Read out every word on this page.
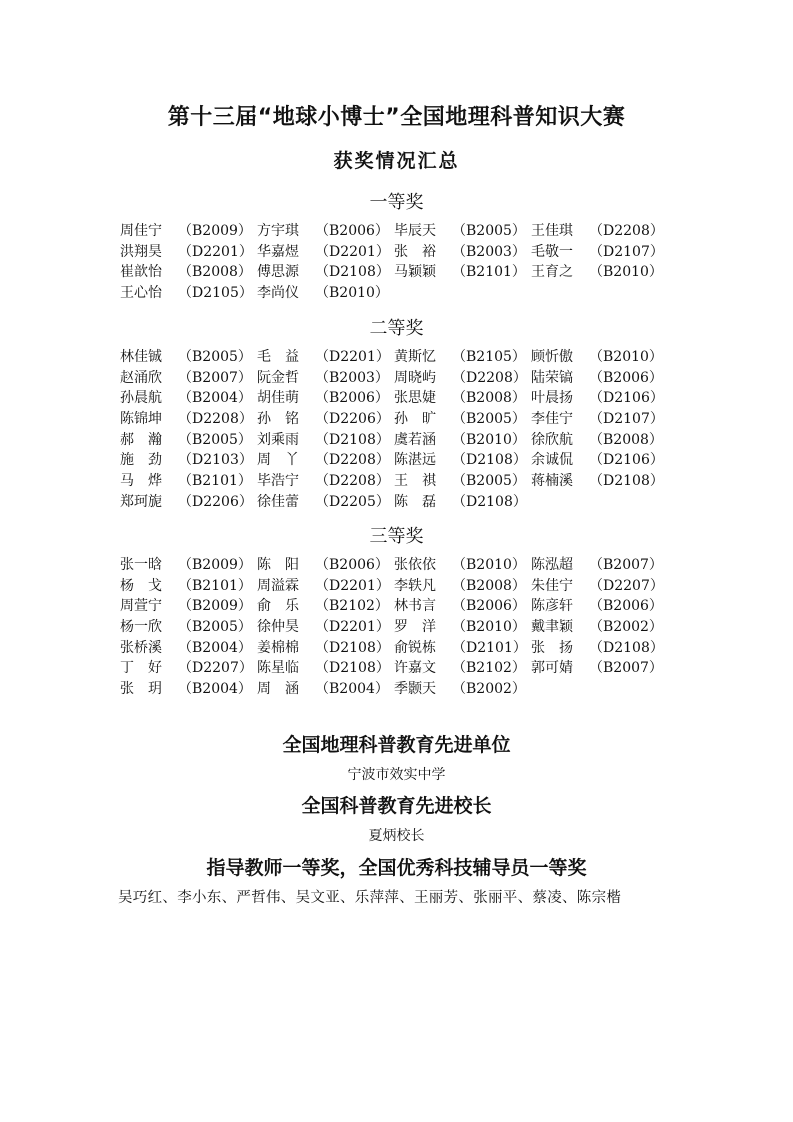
第十三届“地球小博士”全国地理科普知识大赛
获奖情况汇总
一等奖
周佳宁 （B2009） 方宇琪 （B2006） 毕辰天 （B2005） 王佳琪 （D2208）
洪翔昊 （D2201） 华嘉煜 （D2201） 张　裕 （B2003） 毛敬一 （D2107）
崔歆怡 （B2008） 傅思源 （D2108） 马颖颖 （B2101） 王育之 （B2010）
王心怡 （D2105） 李尚仪 （B2010）
二等奖
林佳铖 （B2005） 毛　益 （D2201） 黄斯忆 （B2105） 顾忻傲 （B2010）
赵涌欣 （B2007） 阮金哲 （B2003） 周晓屿 （D2208） 陆荣镐 （B2006）
孙晨航 （B2004） 胡佳萌 （B2006） 张思婕 （B2008） 叶晨扬 （D2106）
陈锦坤 （D2208） 孙　铭 （D2206） 孙　旷 （B2005） 李佳宁 （D2107）
郝　瀚 （B2005） 刘乘雨 （D2108） 虞若涵 （B2010） 徐欣航 （B2008）
施　劲 （D2103） 周　丫 （D2208） 陈湛远 （D2108） 余诚侃 （D2106）
马　烨 （B2101） 毕浩宁 （D2208） 王　祺 （B2005） 蒋楠溪 （D2108）
郑珂旎 （D2206） 徐佳蕾 （D2205） 陈　磊 （D2108）
三等奖
张一晗 （B2009） 陈　阳 （B2006） 张依依 （B2010） 陈泓超 （B2007）
杨　戈 （B2101） 周溢霖 （D2201） 李轶凡 （B2008） 朱佳宁 （D2207）
周萱宁 （B2009） 俞　乐 （B2102） 林书言 （B2006） 陈彦轩 （B2006）
杨一欣 （B2005） 徐仲昊 （D2201） 罗　洋 （B2010） 戴聿颖 （B2002）
张桥溪 （B2004） 姜棉棉 （D2108） 俞锐栋 （D2101） 张　扬 （D2108）
丁　好 （D2207） 陈星临 （D2108） 许嘉文 （B2102） 郭可婧 （B2007）
张　玥 （B2004） 周　涵 （B2004） 季颢天 （B2002）
全国地理科普教育先进单位
宁波市效实中学
全国科普教育先进校长
夏炳校长
指导教师一等奖，全国优秀科技辅导员一等奖
吴巧红、李小东、严哲伟、吴文亚、乐萍萍、王丽芳、张丽平、蔡凌、陈宗楷
